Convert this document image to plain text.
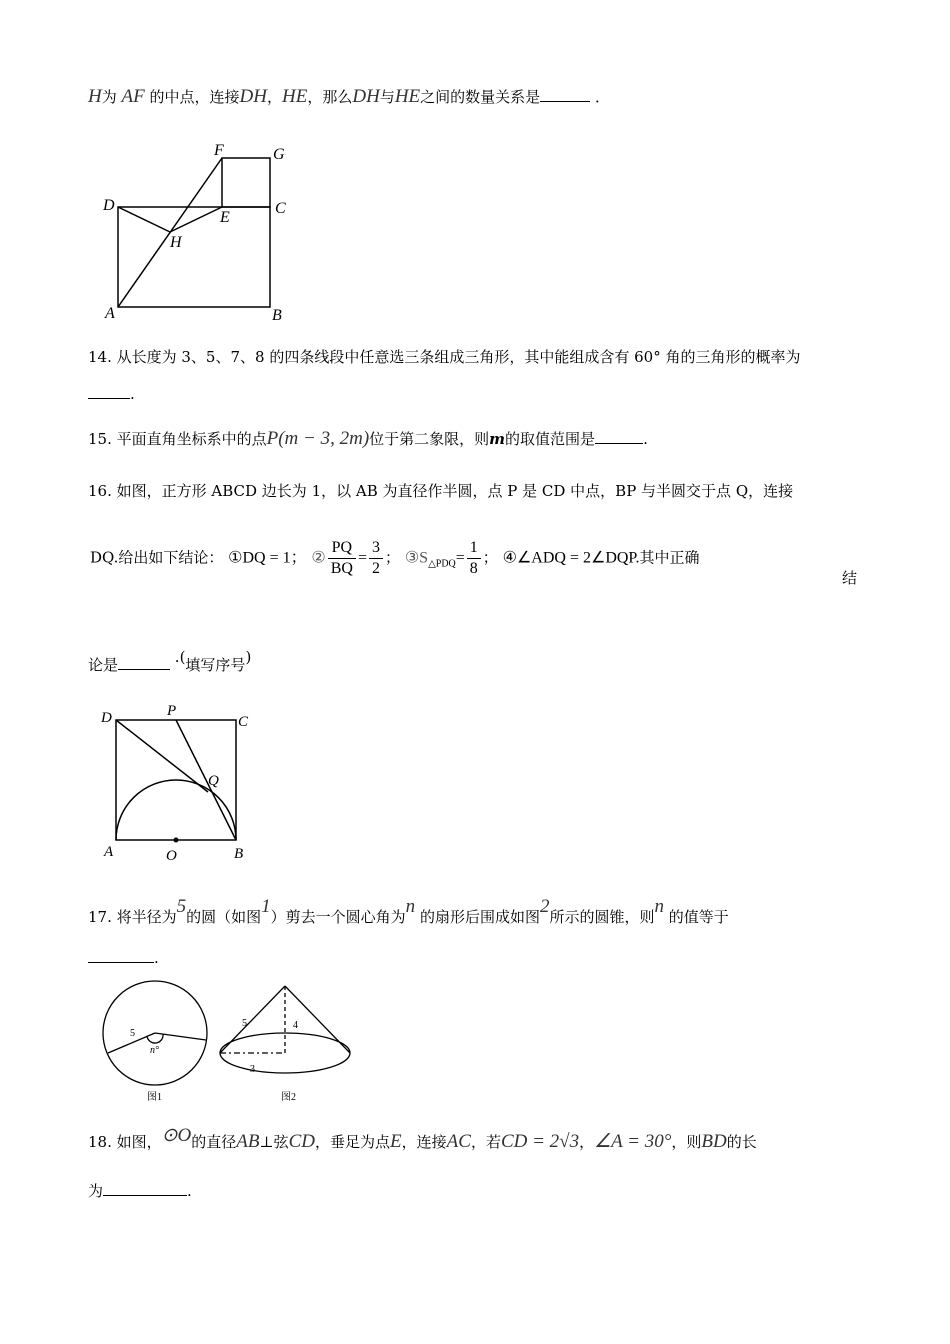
H为 AF 的中点，连接DH，HE，那么DH与HE之间的数量关系是	．
F	G
D
E
C
H
A	B
14. 从长度为 3、5、7、8 的四条线段中任意选三条组成三角形，其中能组成含有 60° 角的三角形的概率为
.
15. 平面直角坐标系中的点P(m − 3, 2m)位于第二象限，则m的取值范围是	.
16. 如图，正方形 ABCD 边长为 1，以 AB 为直径作半圆，点 P 是 CD 中点，BP 与半圆交于点 Q，连接
DQ.给出如下结论： ①DQ = 1； ② $\frac{PQ}{BQ} = \frac{3}{2}$ ； $③S_{\triangle PDQ}= \frac{1}{8}$ ； ④∠ADQ = 2∠DQP.其中正确
结
论是	.(填写序号)
D	P
C
Q
A	O	B
17. 将半径为5的圆（如图1）剪去一个圆心角为n 的扇形后围成如图2所示的圆锥，则n 的值等于
.
5
n°
图1
5	4
3
图2
18. 如图，⊙O的直径AB⊥弦CD，垂足为点E，连接AC，若CD = 2√3，∠A = 30°，则BD的长
为	.
